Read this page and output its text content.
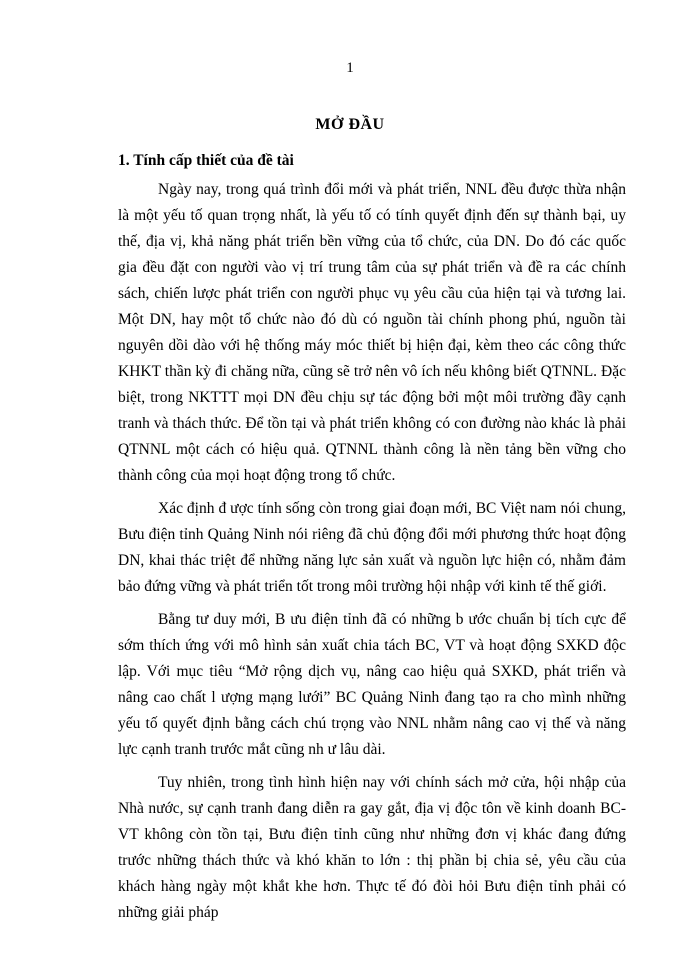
1
MỞ ĐẦU
1. Tính cấp thiết của đề tài

Ngày nay, trong quá trình đổi mới và phát triển, NNL đều được thừa nhận là một yếu tố quan trọng nhất, là yếu tố có tính quyết định đến sự thành bại, uy thế, địa vị, khả năng phát triển bền vững của tổ chức, của DN. Do đó các quốc gia đều đặt con người vào vị trí trung tâm của sự phát triển và đề ra các chính sách, chiến lược phát triển con người phục vụ yêu cầu của hiện tại và tương lai. Một DN, hay một tổ chức nào đó dù có nguồn tài chính phong phú, nguồn tài nguyên dồi dào với hệ thống máy móc thiết bị hiện đại, kèm theo các công thức KHKT thần kỳ đi chăng nữa, cũng sẽ trở nên vô ích nếu không biết QTNNL. Đặc biệt, trong NKTTT mọi DN đều chịu sự tác động bởi một môi trường đầy cạnh tranh và thách thức. Để tồn tại và phát triển không có con đường nào khác là phải QTNNL một cách có hiệu quả. QTNNL thành công là nền tảng bền vững cho thành công của mọi hoạt động trong tổ chức.

Xác định đ ược tính sống còn trong giai đoạn mới, BC Việt nam nói chung, Bưu điện tỉnh Quảng Ninh nói riêng đã chủ động đổi mới phương thức hoạt động DN, khai thác triệt để những năng lực sản xuất và nguồn lực hiện có, nhằm đảm bảo đứng vững và phát triển tốt trong môi trường hội nhập với kinh tế thế giới.

Bằng tư duy mới, B ưu điện tỉnh đã có những b ước chuẩn bị tích cực để sớm thích ứng với mô hình sản xuất chia tách BC, VT và hoạt động SXKD độc lập. Với mục tiêu “Mở rộng dịch vụ, nâng cao hiệu quả SXKD, phát triển và nâng cao chất l ượng mạng lưới” BC Quảng Ninh đang tạo ra cho mình những yếu tố quyết định bằng cách chú trọng vào NNL nhằm nâng cao vị thế và năng lực cạnh tranh trước mắt cũng nh ư lâu dài.

Tuy nhiên, trong tình hình hiện nay với chính sách mở cửa, hội nhập của Nhà nước, sự cạnh tranh đang diễn ra gay gắt, địa vị độc tôn về kinh doanh BC-VT không còn tồn tại, Bưu điện tỉnh cũng như những đơn vị khác đang đứng trước những thách thức và khó khăn to lớn : thị phần bị chia sẻ, yêu cầu của khách hàng ngày một khắt khe hơn. Thực tế đó đòi hỏi Bưu điện tỉnh phải có những giải pháp
